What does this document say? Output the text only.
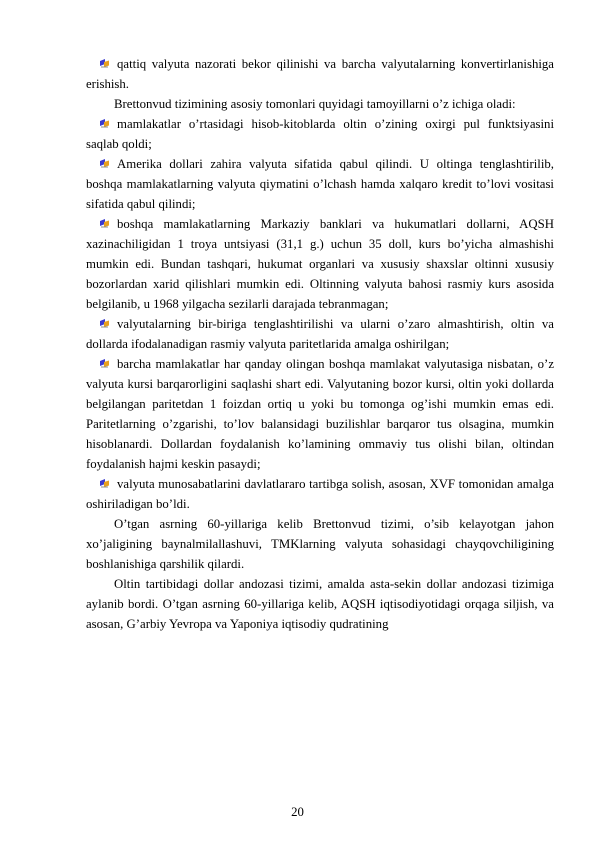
qattiq valyuta nazorati bekor qilinishi va barcha valyutalarning konvertirlanishiga erishish.

Brettonvud tizimining asosiy tomonlari quyidagi tamoyillarni o’z ichiga oladi:

mamlakatlar o’rtasidagi hisob-kitoblarda oltin o’zining oxirgi pul funktsiyasini saqlab qoldi;

Amerika dollari zahira valyuta sifatida qabul qilindi. U oltinga tenglashtirilib, boshqa mamlakatlarning valyuta qiymatini o’lchash hamda xalqaro kredit to’lovi vositasi sifatida qabul qilindi;

boshqa mamlakatlarning Markaziy banklari va hukumatlari dollarni, AQSH xazinachiligidan 1 troya untsiyasi (31,1 g.) uchun 35 doll, kurs bo’yicha almashishi mumkin edi. Bundan tashqari, hukumat organlari va xususiy shaxslar oltinni xususiy bozorlardan xarid qilishlari mumkin edi. Oltinning valyuta bahosi rasmiy kurs asosida belgilanib, u 1968 yilgacha sezilarli darajada tebranmagan;

valyutalarning bir-biriga tenglashtirilishi va ularni o’zaro almashtirish, oltin va dollarda ifodalanadigan rasmiy valyuta paritetlarida amalga oshirilgan;

barcha mamlakatlar har qanday olingan boshqa mamlakat valyutasiga nisbatan, o’z valyuta kursi barqarorligini saqlashi shart edi. Valyutaning bozor kursi, oltin yoki dollarda belgilangan paritetdan 1 foizdan ortiq u yoki bu tomonga og’ishi mumkin emas edi. Paritetlarning o’zgarishi, to’lov balansidagi buzilishlar barqaror tus olsagina, mumkin hisoblanardi. Dollardan foydalanish ko’lamining ommaviy tus olishi bilan, oltindan foydalanish hajmi keskin pasaydi;

valyuta munosabatlarini davlatlararo tartibga solish, asosan, XVF tomonidan amalga oshiriladigan bo’ldi.

O’tgan asrning 60-yillariga kelib Brettonvud tizimi, o’sib kelayotgan jahon xo’jaligining baynalmilallashuvi, TMKlarning valyuta sohasidagi chayqovchiligining boshlanishiga qarshilik qilardi.

Oltin tartibidagi dollar andozasi tizimi, amalda asta-sekin dollar andozasi tizimiga aylanib bordi. O’tgan asrning 60-yillariga kelib, AQSH iqtisodiyotidagi orqaga siljish, va asosan, G’arbiy Yevropa va Yaponiya iqtisodiy qudratining

20
